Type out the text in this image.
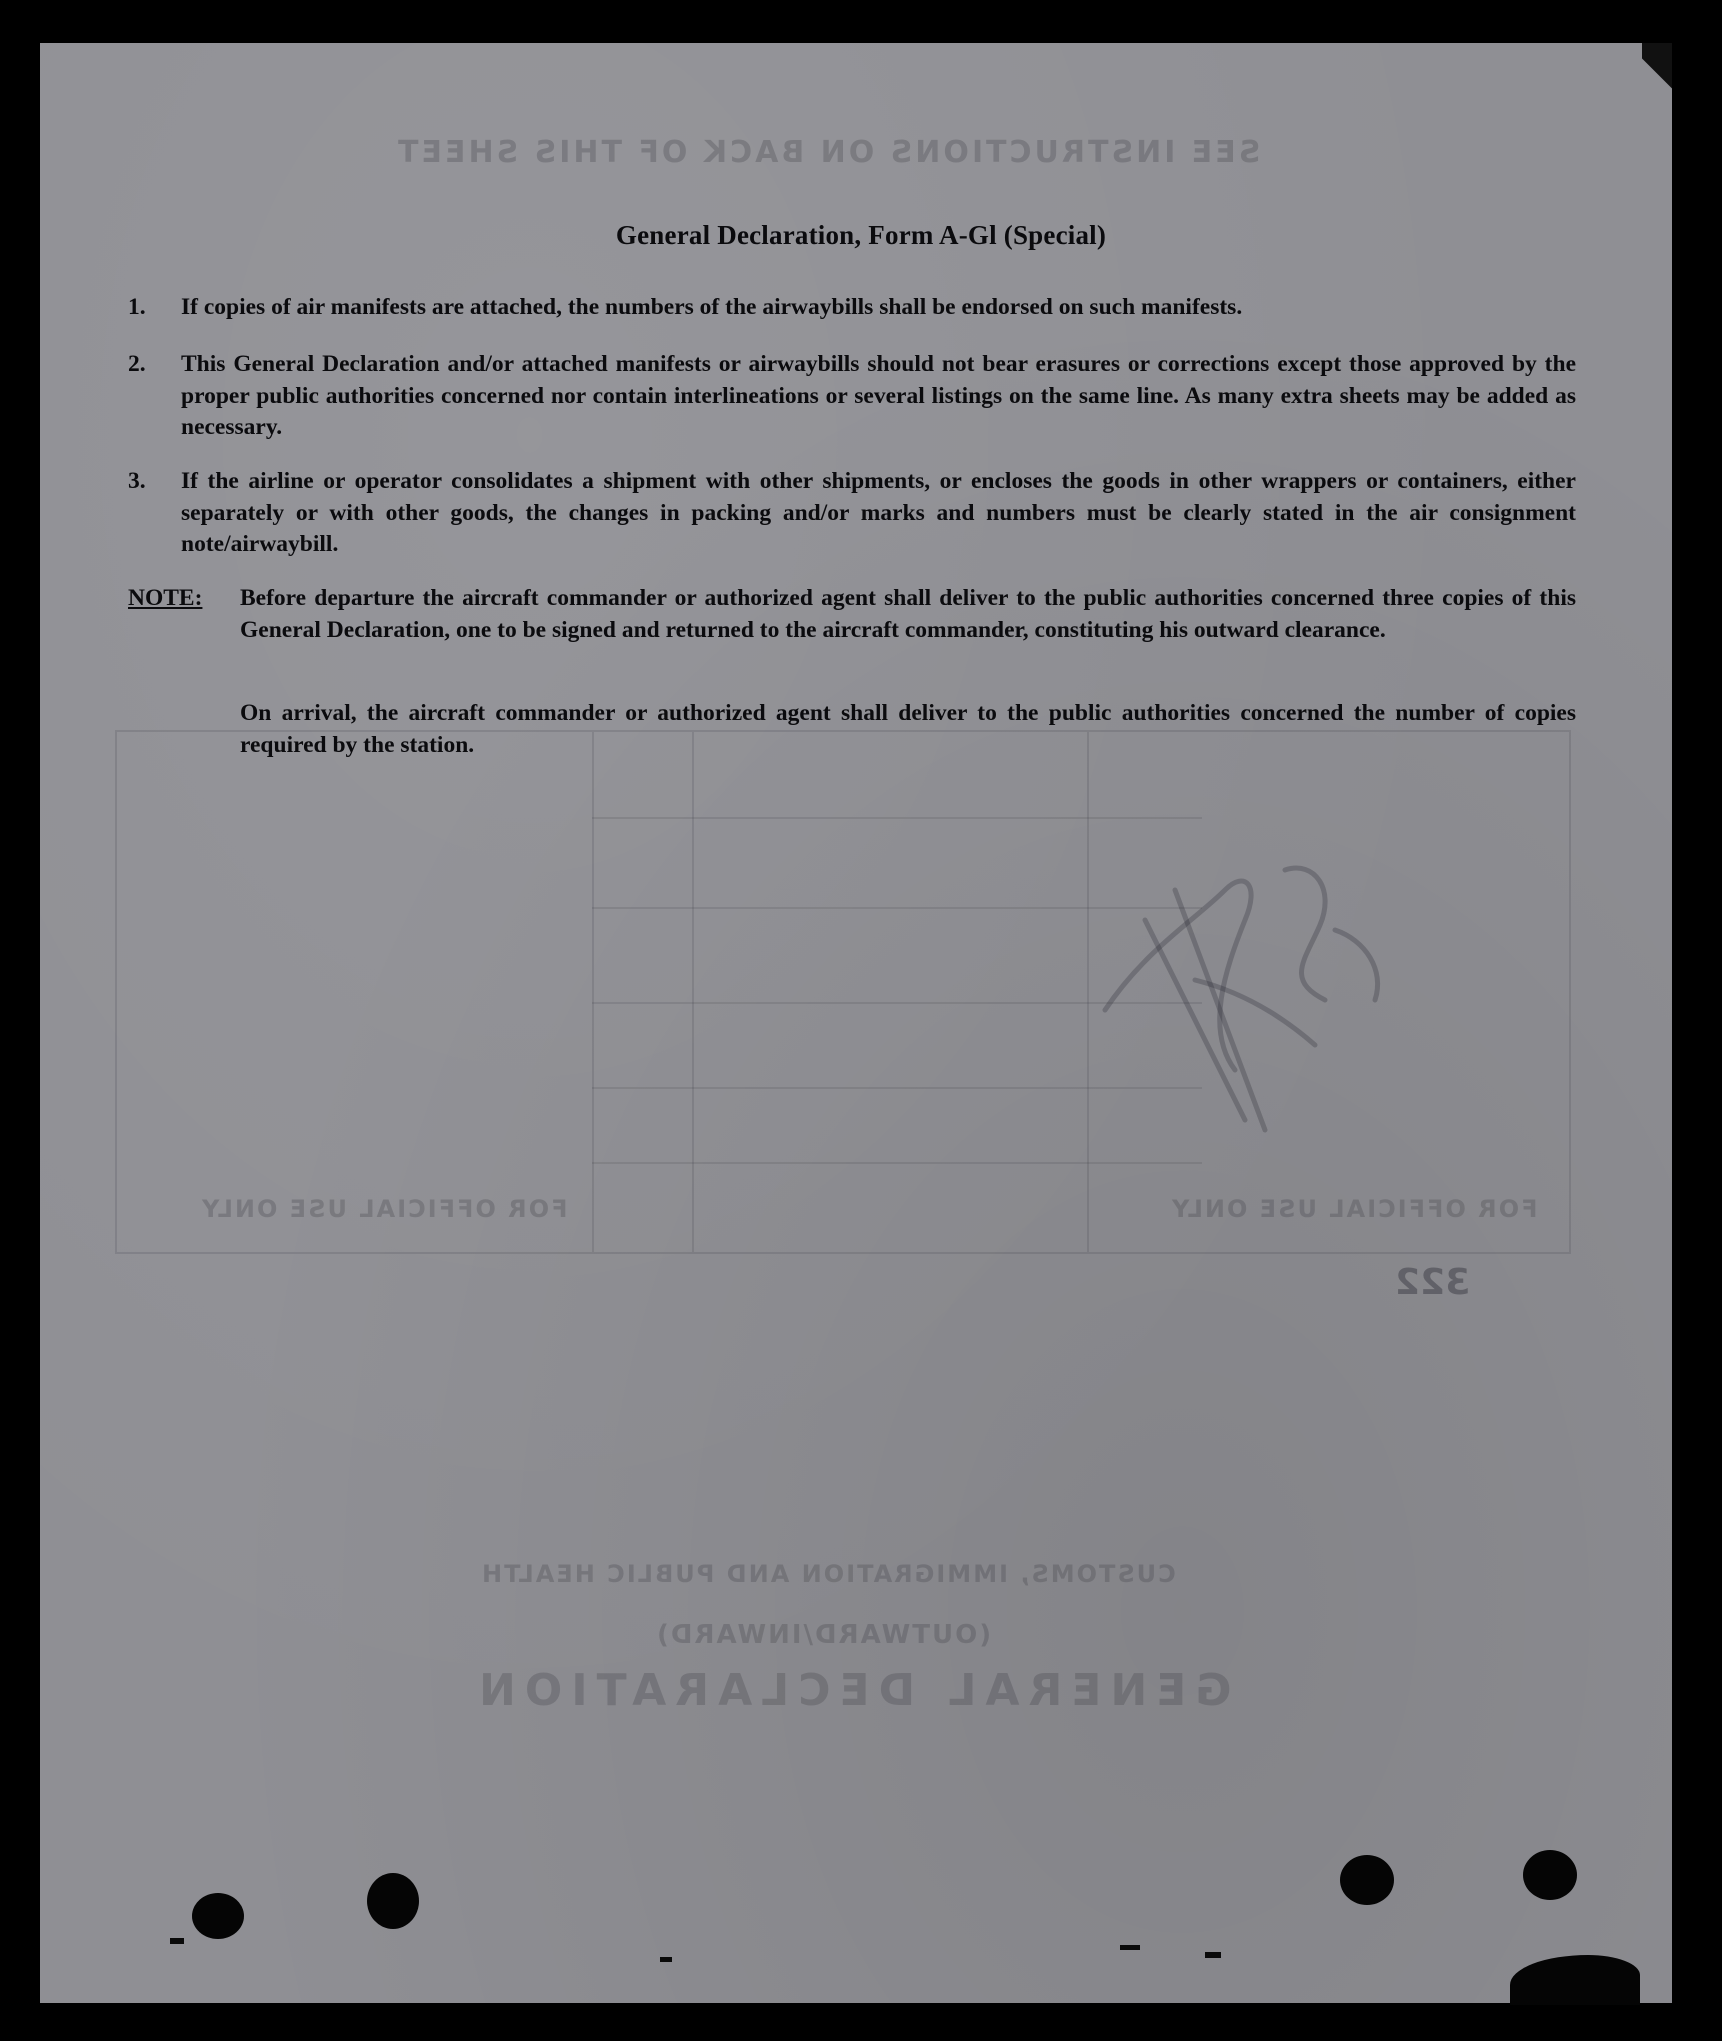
SEE INSTRUCTIONS ON BACK OF THIS SHEET
CUSTOMS, IMMIGRATION AND PUBLIC HEALTH
(OUTWARD/INWARD)
GENERAL DECLARATION
FOR OFFICIAL USE ONLY	FOR OFFICIAL USE ONLY
322
General Declaration, Form A-Gl (Special)
1. If copies of air manifests are attached, the numbers of the airwaybills shall be endorsed on such manifests.
2. This General Declaration and/or attached manifests or airwaybills should not bear erasures or corrections except those approved by the proper public authorities concerned nor contain interlineations or several listings on the same line. As many extra sheets may be added as necessary.
3. If the airline or operator consolidates a shipment with other shipments, or encloses the goods in other wrappers or containers, either separately or with other goods, the changes in packing and/or marks and numbers must be clearly stated in the air consignment note/airwaybill.
NOTE: Before departure the aircraft commander or authorized agent shall deliver to the public authorities concerned three copies of this General Declaration, one to be signed and returned to the aircraft commander, constituting his outward clearance.
On arrival, the aircraft commander or authorized agent shall deliver to the public authorities concerned the number of copies required by the station.
